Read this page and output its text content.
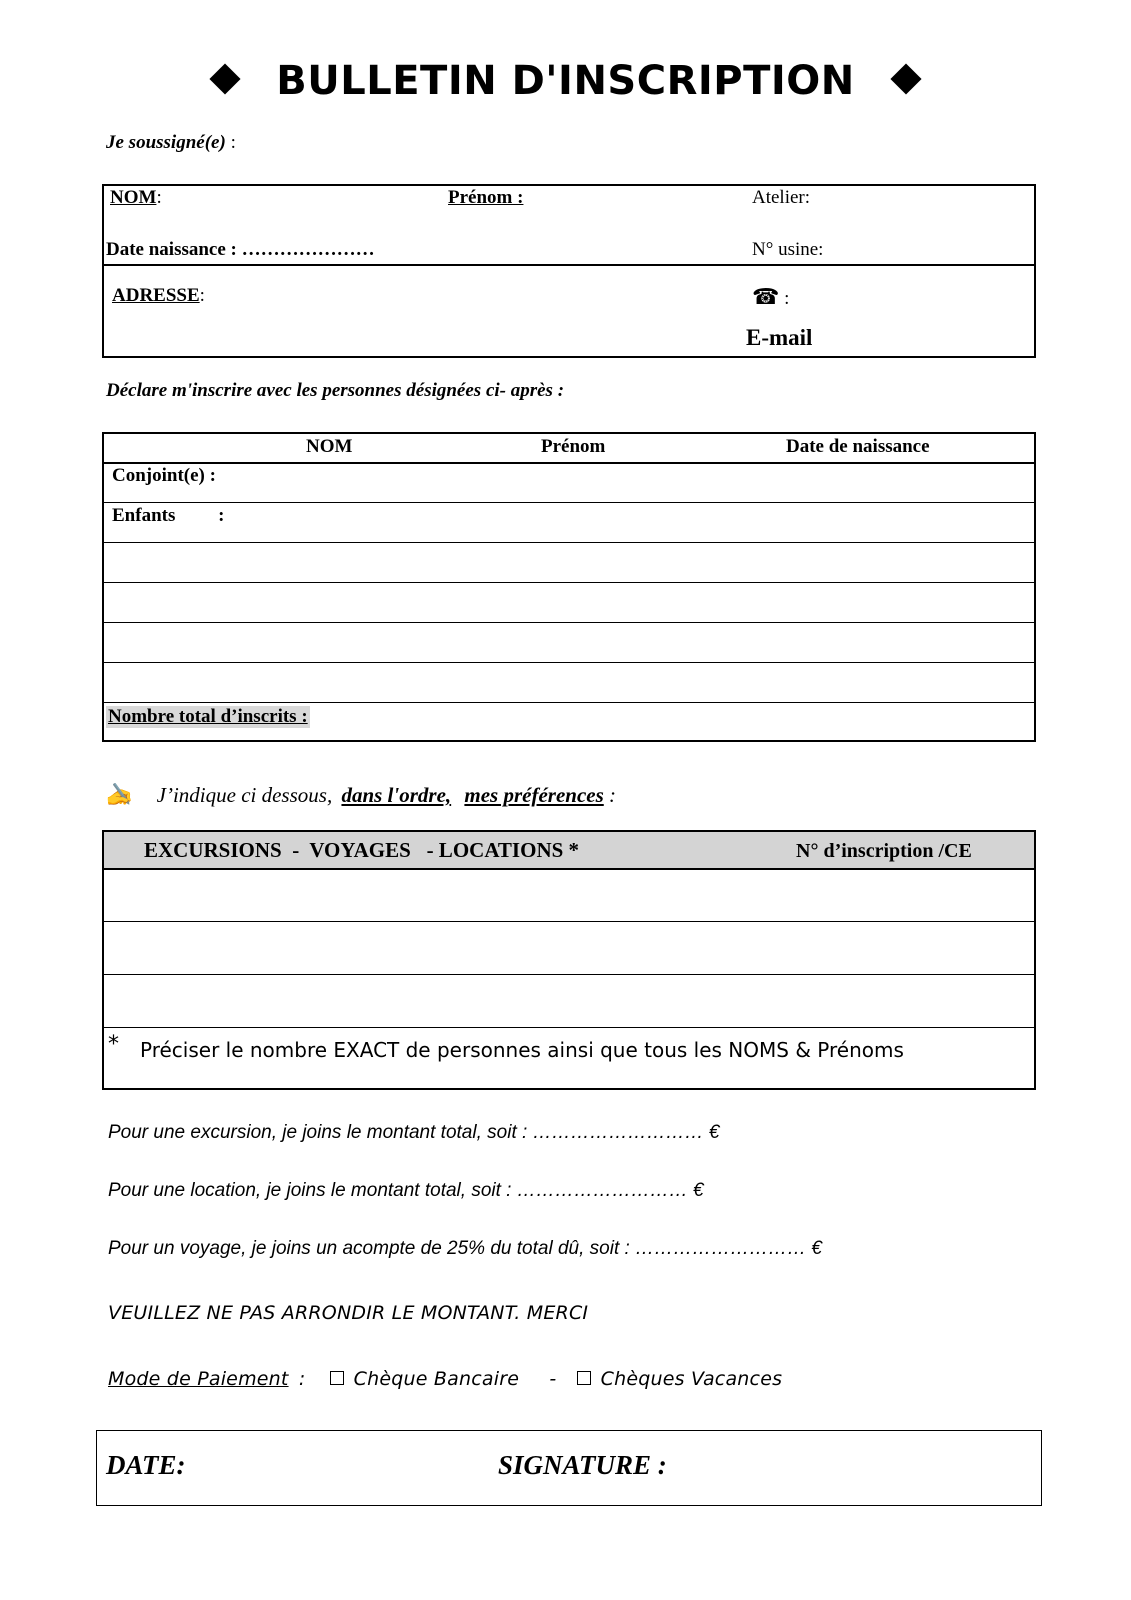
BULLETIN D'INSCRIPTION
Je soussigné(e) :
NOM:	Prénom :	Atelier:
Date naissance : …………………	N° usine:
ADRESSE:	☎ :
E-mail
Déclare m'inscrire avec les personnes désignées ci- après :
NOM	Prénom	Date de naissance
Conjoint(e) :
Enfants :
Nombre total d’inscrits :
✍ J’indique ci dessous, dans l'ordre, mes préférences :
EXCURSIONS  -  VOYAGES   - LOCATIONS *	N° d’inscription /CE
* Préciser le nombre EXACT de personnes ainsi que tous les NOMS & Prénoms
Pour une excursion, je joins le montant total, soit : ……………………… €
Pour une location, je joins le montant total, soit : ……………………… €
Pour un voyage, je joins un acompte de 25% du total dû, soit : ……………………… €
VEUILLEZ NE PAS ARRONDIR LE MONTANT. MERCI
Mode de Paiement :	Chèque Bancaire - Chèques Vacances
DATE:	SIGNATURE :
